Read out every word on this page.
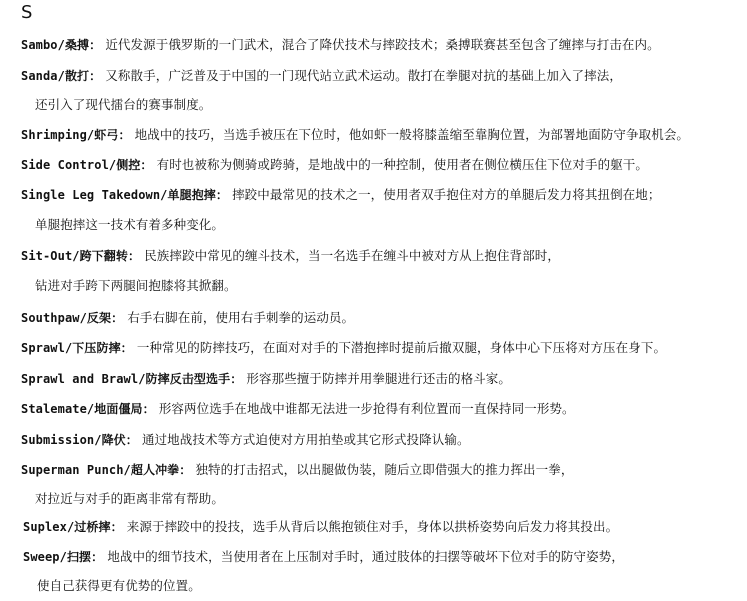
S
Sambo/桑搏： 近代发源于俄罗斯的一门武术，混合了降伏技术与摔跤技术；桑搏联赛甚至包含了缠摔与打击在内。
Sanda/散打： 又称散手，广泛普及于中国的一门现代站立武术运动。散打在拳腿对抗的基础上加入了摔法，
还引入了现代擂台的赛事制度。
Shrimping/虾弓： 地战中的技巧，当选手被压在下位时，他如虾一般将膝盖缩至靠胸位置，为部署地面防守争取机会。
Side Control/侧控： 有时也被称为侧骑或跨骑，是地战中的一种控制，使用者在侧位横压住下位对手的躯干。
Single Leg Takedown/单腿抱摔： 摔跤中最常见的技术之一，使用者双手抱住对方的单腿后发力将其扭倒在地；
单腿抱摔这一技术有着多种变化。
Sit-Out/跨下翻转： 民族摔跤中常见的缠斗技术，当一名选手在缠斗中被对方从上抱住背部时，
钻进对手跨下两腿间抱膝将其掀翻。
Southpaw/反架： 右手右脚在前，使用右手刺拳的运动员。
Sprawl/下压防摔： 一种常见的防摔技巧，在面对对手的下潜抱摔时提前后撤双腿，身体中心下压将对方压在身下。
Sprawl and Brawl/防摔反击型选手： 形容那些擅于防摔并用拳腿进行还击的格斗家。
Stalemate/地面僵局： 形容两位选手在地战中谁都无法进一步抢得有利位置而一直保持同一形势。
Submission/降伏： 通过地战技术等方式迫使对方用拍垫或其它形式投降认输。
Superman Punch/超人冲拳： 独特的打击招式，以出腿做伪装，随后立即借强大的推力挥出一拳，
对拉近与对手的距离非常有帮助。
Suplex/过桥摔： 来源于摔跤中的投技，选手从背后以熊抱锁住对手，身体以拱桥姿势向后发力将其投出。
Sweep/扫摆： 地战中的细节技术，当使用者在上压制对手时，通过肢体的扫摆等破坏下位对手的防守姿势，
使自己获得更有优势的位置。
